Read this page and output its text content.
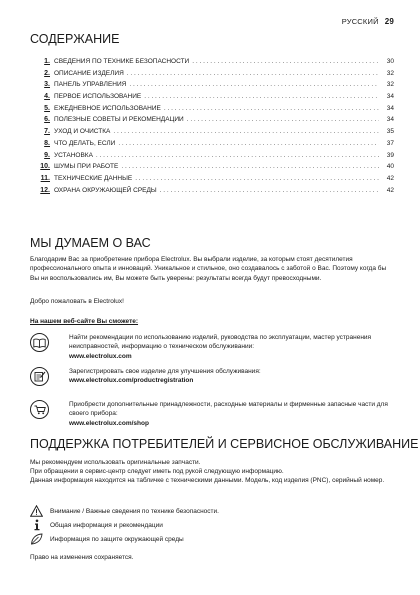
РУССКИЙ 29
СОДЕРЖАНИЕ
1. СВЕДЕНИЯ ПО ТЕХНИКЕ БЕЗОПАСНОСТИ . . .	30
2. ОПИСАНИЕ ИЗДЕЛИЯ . . .	32
3. ПАНЕЛЬ УПРАВЛЕНИЯ . . .	32
4. ПЕРВОЕ ИСПОЛЬЗОВАНИЕ . . .	34
5. ЕЖЕДНЕВНОЕ ИСПОЛЬЗОВАНИЕ . . .	34
6. ПОЛЕЗНЫЕ СОВЕТЫ И РЕКОМЕНДАЦИИ . . .	34
7. УХОД И ОЧИСТКА . . .	35
8. ЧТО ДЕЛАТЬ, ЕСЛИ . . .	37
9. УСТАНОВКА . . .	39
10. ШУМЫ ПРИ РАБОТЕ . . .	40
11. ТЕХНИЧЕСКИЕ ДАННЫЕ . . .	42
12. ОХРАНА ОКРУЖАЮЩЕЙ СРЕДЫ . . .	42
МЫ ДУМАЕМ О ВАС

Благодарим Вас за приобретение прибора Electrolux. Вы выбрали изделие, за которым стоят десятилетия профессионального опыта и инноваций. Уникальное и стильное, оно создавалось с заботой о Вас. Поэтому когда бы Вы ни воспользовались им, Вы можете быть уверены: результаты всегда будут превосходными.

Добро пожаловать в Electrolux!

На нашем веб-сайте Вы сможете:
Найти рекомендации по использованию изделий, руководства по эксплуатации, мастер устранения неисправностей, информацию о техническом обслуживании:
www.electrolux.com
Зарегистрировать свое изделие для улучшения обслуживания:
www.electrolux.com/productregistration
Приобрести дополнительные принадлежности, расходные материалы и фирменные запасные части для своего прибора:
www.electrolux.com/shop
ПОДДЕРЖКА ПОТРЕБИТЕЛЕЙ И СЕРВИСНОЕ ОБСЛУЖИВАНИЕ

Мы рекомендуем использовать оригинальные запчасти.

При обращении в сервис-центр следует иметь под рукой следующую информацию.

Данная информация находится на табличке с техническими данными. Модель, код изделия (PNC), серийный номер.

Внимание / Важные сведения по технике безопасности.
Общая информация и рекомендации
Информация по защите окружающей среды

Право на изменения сохраняется.
